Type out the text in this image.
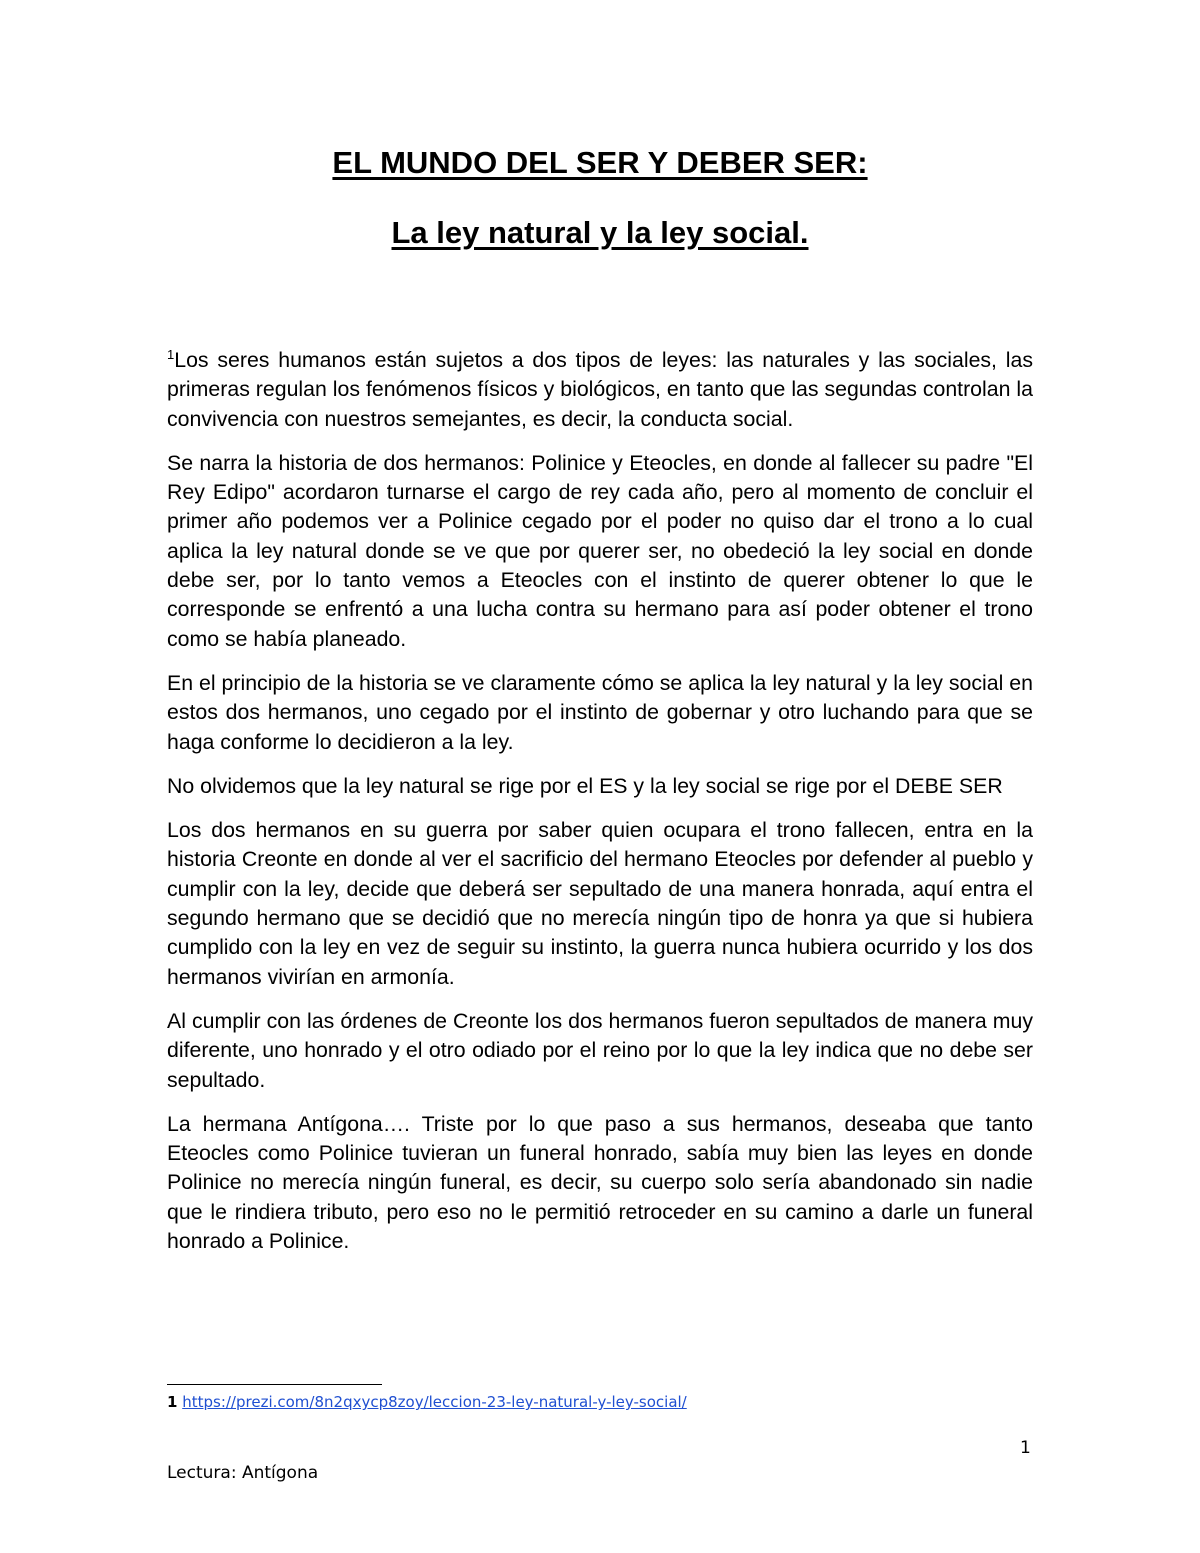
EL MUNDO DEL SER Y DEBER SER:
La ley natural y la ley social.

$^1$Los seres humanos están sujetos a dos tipos de leyes: las naturales y las sociales, las primeras regulan los fenómenos físicos y biológicos, en tanto que las segundas controlan la convivencia con nuestros semejantes, es decir, la conducta social.

Se narra la historia de dos hermanos: Polinice y Eteocles, en donde al fallecer su padre "El Rey Edipo" acordaron turnarse el cargo de rey cada año, pero al momento de concluir el primer año podemos ver a Polinice cegado por el poder no quiso dar el trono a lo cual aplica la ley natural donde se ve que por querer ser, no obedeció la ley social en donde debe ser, por lo tanto vemos a Eteocles con el instinto de querer obtener lo que le corresponde se enfrentó a una lucha contra su hermano para así poder obtener el trono como se había planeado.

En el principio de la historia se ve claramente cómo se aplica la ley natural y la ley social en estos dos hermanos, uno cegado por el instinto de gobernar y otro luchando para que se haga conforme lo decidieron a la ley.

No olvidemos que la ley natural se rige por el ES y la ley social se rige por el DEBE SER

Los dos hermanos en su guerra por saber quien ocupara el trono fallecen, entra en la historia Creonte en donde al ver el sacrificio del hermano Eteocles por defender al pueblo y cumplir con la ley, decide que deberá ser sepultado de una manera honrada, aquí entra el segundo hermano que se decidió que no merecía ningún tipo de honra ya que si hubiera cumplido con la ley en vez de seguir su instinto, la guerra nunca hubiera ocurrido y los dos hermanos vivirían en armonía.

Al cumplir con las órdenes de Creonte los dos hermanos fueron sepultados de manera muy diferente, uno honrado y el otro odiado por el reino por lo que la ley indica que no debe ser sepultado.

La hermana Antígona…. Triste por lo que paso a sus hermanos, deseaba que tanto Eteocles como Polinice tuvieran un funeral honrado, sabía muy bien las leyes en donde Polinice no merecía ningún funeral, es decir, su cuerpo solo sería abandonado sin nadie que le rindiera tributo, pero eso no le permitió retroceder en su camino a darle un funeral honrado a Polinice.

1 https://prezi.com/8n2qxycp8zoy/leccion-23-ley-natural-y-ley-social/
1
Lectura: Antígona
